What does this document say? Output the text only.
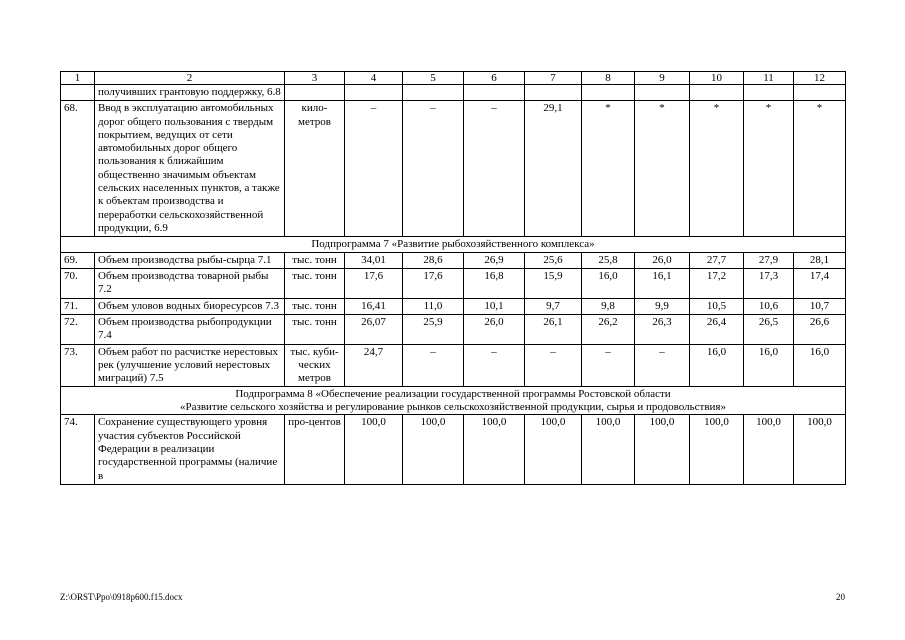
1	2	3	4	5	6	7	8	9	10	11	12
	получивших грантовую поддержку, 6.8										
68.	Ввод в эксплуатацию автомобильных дорог общего пользования с твердым покрытием, ведущих от сети автомобильных дорог общего пользования к ближайшим общественно значимым объектам сельских населенных пунктов, а также к объектам производства и переработки сельскохозяйственной продукции, 6.9	кило-метров	–	–	–	29,1	*	*	*	*	*
Подпрограмма 7 «Развитие рыбохозяйственного комплекса»											
69.	Объем производства рыбы-сырца 7.1	тыс. тонн	34,01	28,6	26,9	25,6	25,8	26,0	27,7	27,9	28,1
70.	Объем производства товарной рыбы 7.2	тыс. тонн	17,6	17,6	16,8	15,9	16,0	16,1	17,2	17,3	17,4
71.	Объем уловов водных биоресурсов 7.3	тыс. тонн	16,41	11,0	10,1	9,7	9,8	9,9	10,5	10,6	10,7
72.	Объем производства рыбопродукции 7.4	тыс. тонн	26,07	25,9	26,0	26,1	26,2	26,3	26,4	26,5	26,6
73.	Объем работ по расчистке нерестовых рек (улучшение условий нерестовых миграций) 7.5	тыс. куби-ческих метров	24,7	–	–	–	–	–	16,0	16,0	16,0

Подпрограмма 8 «Обеспечение реализации государственной программы Ростовской области
«Развитие сельского хозяйства и регулирование рынков сельскохозяйственной продукции, сырья и продовольствия»											

74.	Сохранение существующего уровня участия субъектов Российской Федерации в реализации государственной программы (наличие в	про-центов	100,0	100,0	100,0	100,0	100,0	100,0	100,0	100,0	100,0
Z:\ORST\Ppo\0918p600.f15.docx	20
